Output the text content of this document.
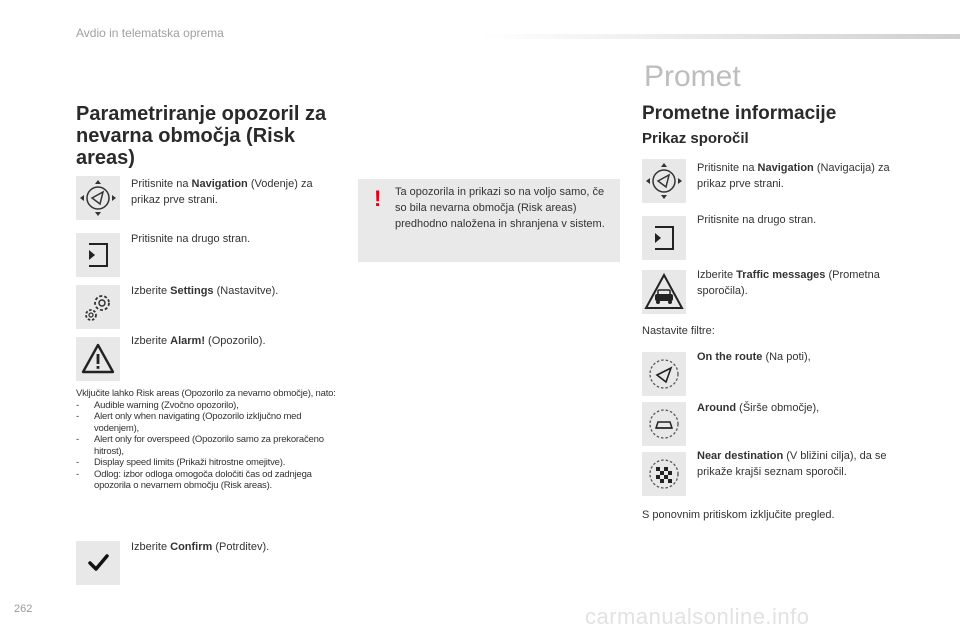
Avdio in telematska oprema
Parametriranje opozoril za nevarna območja (Risk areas)
Pritisnite na Navigation (Vodenje) za prikaz prve strani.
Pritisnite na drugo stran.
Izberite Settings (Nastavitve).
Izberite Alarm! (Opozorilo).
Vključite lahko Risk areas (Opozorilo za nevarno območje), nato:
-	Audible warning (Zvočno opozorilo),
-	Alert only when navigating (Opozorilo izključno med vodenjem),
-	Alert only for overspeed (Opozorilo samo za prekoračeno hitrost),
-	Display speed limits (Prikaži hitrostne omejitve).
-	Odlog: izbor odloga omogoča določiti čas od zadnjega opozorila o nevarnem območju (Risk areas).
Izberite Confirm (Potrditev).
! Ta opozorila in prikazi so na voljo samo, če so bila nevarna območja (Risk areas) predhodno naložena in shranjena v sistem.
Promet
Prometne informacije
Prikaz sporočil
Pritisnite na Navigation (Navigacija) za prikaz prve strani.
Pritisnite na drugo stran.
Izberite Traffic messages (Prometna sporočila).
Nastavite filtre:
On the route (Na poti),
Around (Širše območje),
Near destination (V bližini cilja), da se prikaže krajši seznam sporočil.
S ponovnim pritiskom izključite pregled.
262	carmanualsonline.info
